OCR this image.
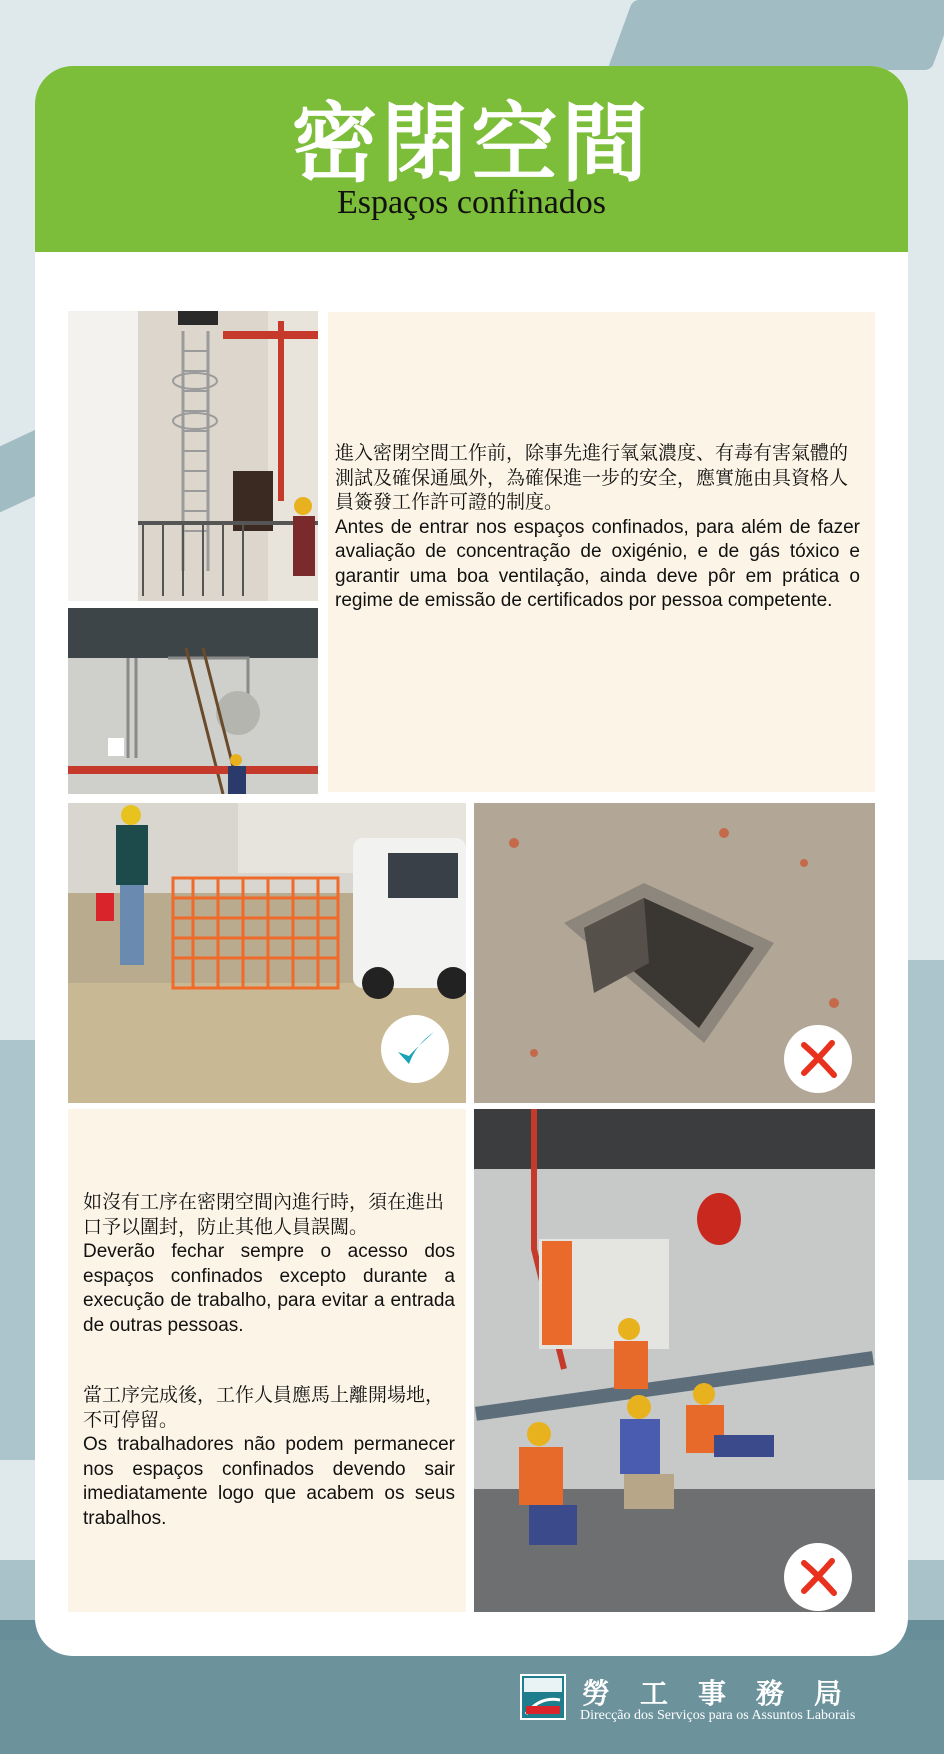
密閉空間
Espaços confinados

進入密閉空間工作前，除事先進行氧氣濃度、有毒有害氣體的測試及確保通風外，為確保進一步的安全，應實施由具資格人員簽發工作許可證的制度。

Antes de entrar nos espaços confinados, para além de fazer avaliação de concentração de oxigénio, e de gás tóxico e garantir uma boa ventilação, ainda deve pôr em prática o regime de emissão de certificados por pessoa competente.

如沒有工序在密閉空間內進行時，須在進出口予以圍封，防止其他人員誤闖。

Deverão fechar sempre o acesso dos espaços confinados excepto durante a execução de trabalho, para evitar a entrada de outras pessoas.

當工序完成後，工作人員應馬上離開場地，不可停留。

Os trabalhadores não podem permanecer nos espaços confinados devendo sair imediatamente logo que acabem os seus trabalhos.

勞工事務局
Direcção dos Serviços para os Assuntos Laborais
